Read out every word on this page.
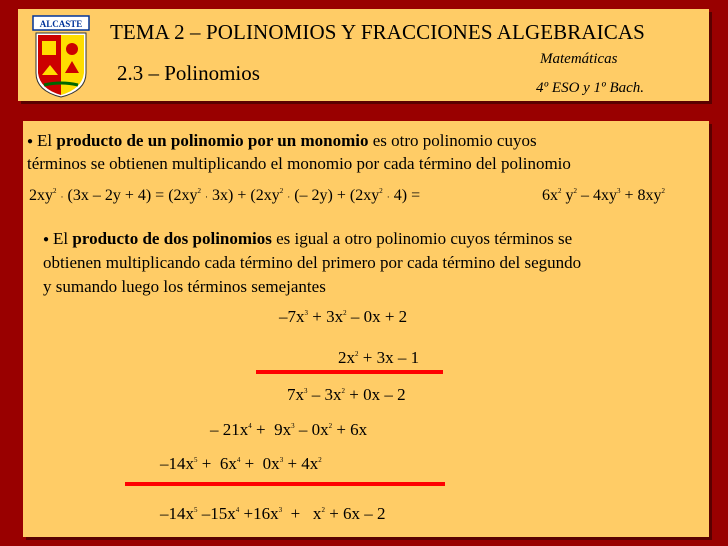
ALCASTE TEMA 2 – POLINOMIOS Y FRACCIONES ALGEBRAICAS
Matemáticas
2.3 – Polinomios
4º ESO y 1º Bach.
● El producto de un polinomio por un monomio es otro polinomio cuyos
términos se obtienen multiplicando el monomio por cada término del polinomio
$2xy^2 \cdot (3x - 2y + 4) = (2xy^2 \cdot 3x) + (2xy^2$ · (– $2y) + (2xy^2 \cdot 4)$ =	$6x^2$ $y^2 - 4xy^3 + 8xy^2$
● El producto de dos polinomios es igual a otro polinomio cuyos términos se
obtienen multiplicando cada término del primero por cada término del segundo
y sumando luego los términos semejantes
$-7x^3 + 3x^2 - 0x + 2$
$2x^2 + 3x - 1$
$7x^3 - 3x^2 + 0x - 2$
– $21x^4 + 9x^3 - 0x^2 + 6x$
$-14x^5 + 6x^4 + 0x^3 + 4x^2$
$-14x^5$ $-15x^4 +16x^3 + x^2 + 6x - 2$
